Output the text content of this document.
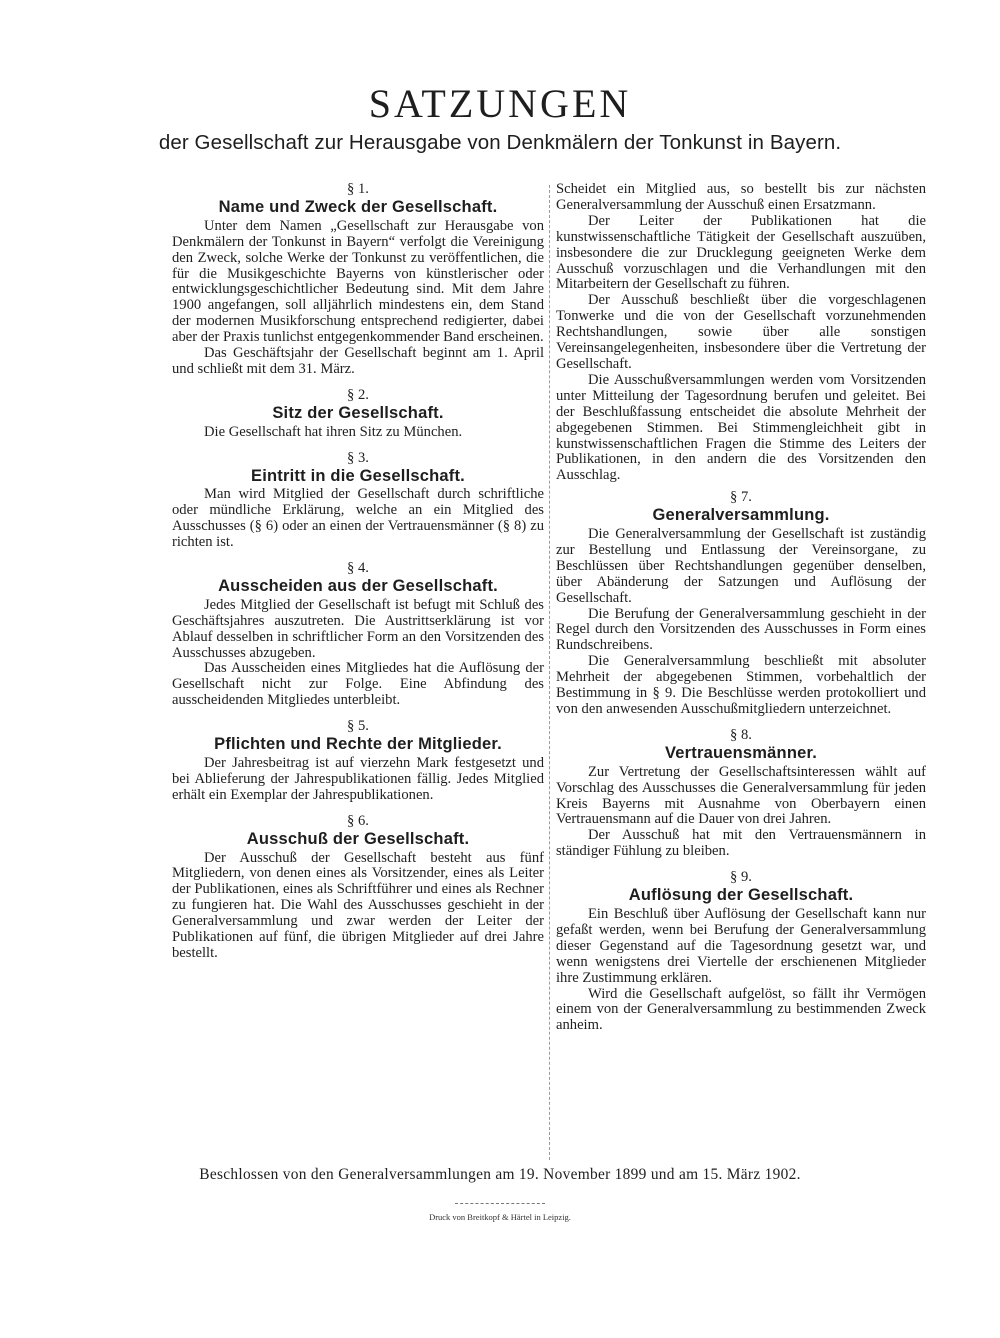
SATZUNGEN
der Gesellschaft zur Herausgabe von Denkmälern der Tonkunst in Bayern.

§ 1.

Name und Zweck der Gesellschaft.

Unter dem Namen „Gesellschaft zur Herausgabe von Denkmälern der Tonkunst in Bayern“ verfolgt die Vereinigung den Zweck, solche Werke der Tonkunst zu veröffentlichen, die für die Musikgeschichte Bayerns von künstlerischer oder entwicklungsgeschichtlicher Bedeutung sind. Mit dem Jahre 1900 angefangen, soll alljährlich mindestens ein, dem Stand der modernen Musikforschung entsprechend redigierter, dabei aber der Praxis tunlichst entgegenkommender Band erscheinen.

Das Geschäftsjahr der Gesellschaft beginnt am 1. April und schließt mit dem 31. März.

§ 2.

Sitz der Gesellschaft.

Die Gesellschaft hat ihren Sitz zu München.

§ 3.

Eintritt in die Gesellschaft.

Man wird Mitglied der Gesellschaft durch schriftliche oder mündliche Erklärung, welche an ein Mitglied des Ausschusses (§ 6) oder an einen der Vertrauensmänner (§ 8) zu richten ist.

§ 4.

Ausscheiden aus der Gesellschaft.

Jedes Mitglied der Gesellschaft ist befugt mit Schluß des Geschäftsjahres auszutreten. Die Austrittserklärung ist vor Ablauf desselben in schriftlicher Form an den Vorsitzenden des Ausschusses abzugeben.

Das Ausscheiden eines Mitgliedes hat die Auflösung der Gesellschaft nicht zur Folge. Eine Abfindung des ausscheidenden Mitgliedes unterbleibt.

§ 5.

Pflichten und Rechte der Mitglieder.

Der Jahresbeitrag ist auf vierzehn Mark festgesetzt und bei Ablieferung der Jahrespublikationen fällig. Jedes Mitglied erhält ein Exemplar der Jahrespublikationen.

§ 6.

Ausschuß der Gesellschaft.

Der Ausschuß der Gesellschaft besteht aus fünf Mitgliedern, von denen eines als Vorsitzender, eines als Leiter der Publikationen, eines als Schriftführer und eines als Rechner zu fungieren hat. Die Wahl des Ausschusses geschieht in der Generalversammlung und zwar werden der Leiter der Publikationen auf fünf, die übrigen Mitglieder auf drei Jahre bestellt.

Scheidet ein Mitglied aus, so bestellt bis zur nächsten Generalversammlung der Ausschuß einen Ersatzmann.

Der Leiter der Publikationen hat die kunstwissenschaftliche Tätigkeit der Gesellschaft auszuüben, insbesondere die zur Drucklegung geeigneten Werke dem Ausschuß vorzuschlagen und die Verhandlungen mit den Mitarbeitern der Gesellschaft zu führen.

Der Ausschuß beschließt über die vorgeschlagenen Tonwerke und die von der Gesellschaft vorzunehmenden Rechtshandlungen, sowie über alle sonstigen Vereinsangelegenheiten, insbesondere über die Vertretung der Gesellschaft.

Die Ausschußversammlungen werden vom Vorsitzenden unter Mitteilung der Tagesordnung berufen und geleitet. Bei der Beschlußfassung entscheidet die absolute Mehrheit der abgegebenen Stimmen. Bei Stimmengleichheit gibt in kunstwissenschaftlichen Fragen die Stimme des Leiters der Publikationen, in den andern die des Vorsitzenden den Ausschlag.

§ 7.

Generalversammlung.

Die Generalversammlung der Gesellschaft ist zuständig zur Bestellung und Entlassung der Vereinsorgane, zu Beschlüssen über Rechtshandlungen gegenüber denselben, über Abänderung der Satzungen und Auflösung der Gesellschaft.

Die Berufung der Generalversammlung geschieht in der Regel durch den Vorsitzenden des Ausschusses in Form eines Rundschreibens.

Die Generalversammlung beschließt mit absoluter Mehrheit der abgegebenen Stimmen, vorbehaltlich der Bestimmung in § 9. Die Beschlüsse werden protokolliert und von den anwesenden Ausschußmitgliedern unterzeichnet.

§ 8.

Vertrauensmänner.

Zur Vertretung der Gesellschaftsinteressen wählt auf Vorschlag des Ausschusses die Generalversammlung für jeden Kreis Bayerns mit Ausnahme von Oberbayern einen Vertrauensmann auf die Dauer von drei Jahren.

Der Ausschuß hat mit den Vertrauensmännern in ständiger Fühlung zu bleiben.

§ 9.

Auflösung der Gesellschaft.

Ein Beschluß über Auflösung der Gesellschaft kann nur gefaßt werden, wenn bei Berufung der Generalversammlung dieser Gegenstand auf die Tagesordnung gesetzt war, und wenn wenigstens drei Viertelle der erschienenen Mitglieder ihre Zustimmung erklären.

Wird die Gesellschaft aufgelöst, so fällt ihr Vermögen einem von der Generalversammlung zu bestimmenden Zweck anheim.

Beschlossen von den Generalversammlungen am 19. November 1899 und am 15. März 1902.

Druck von Breitkopf & Härtel in Leipzig.
